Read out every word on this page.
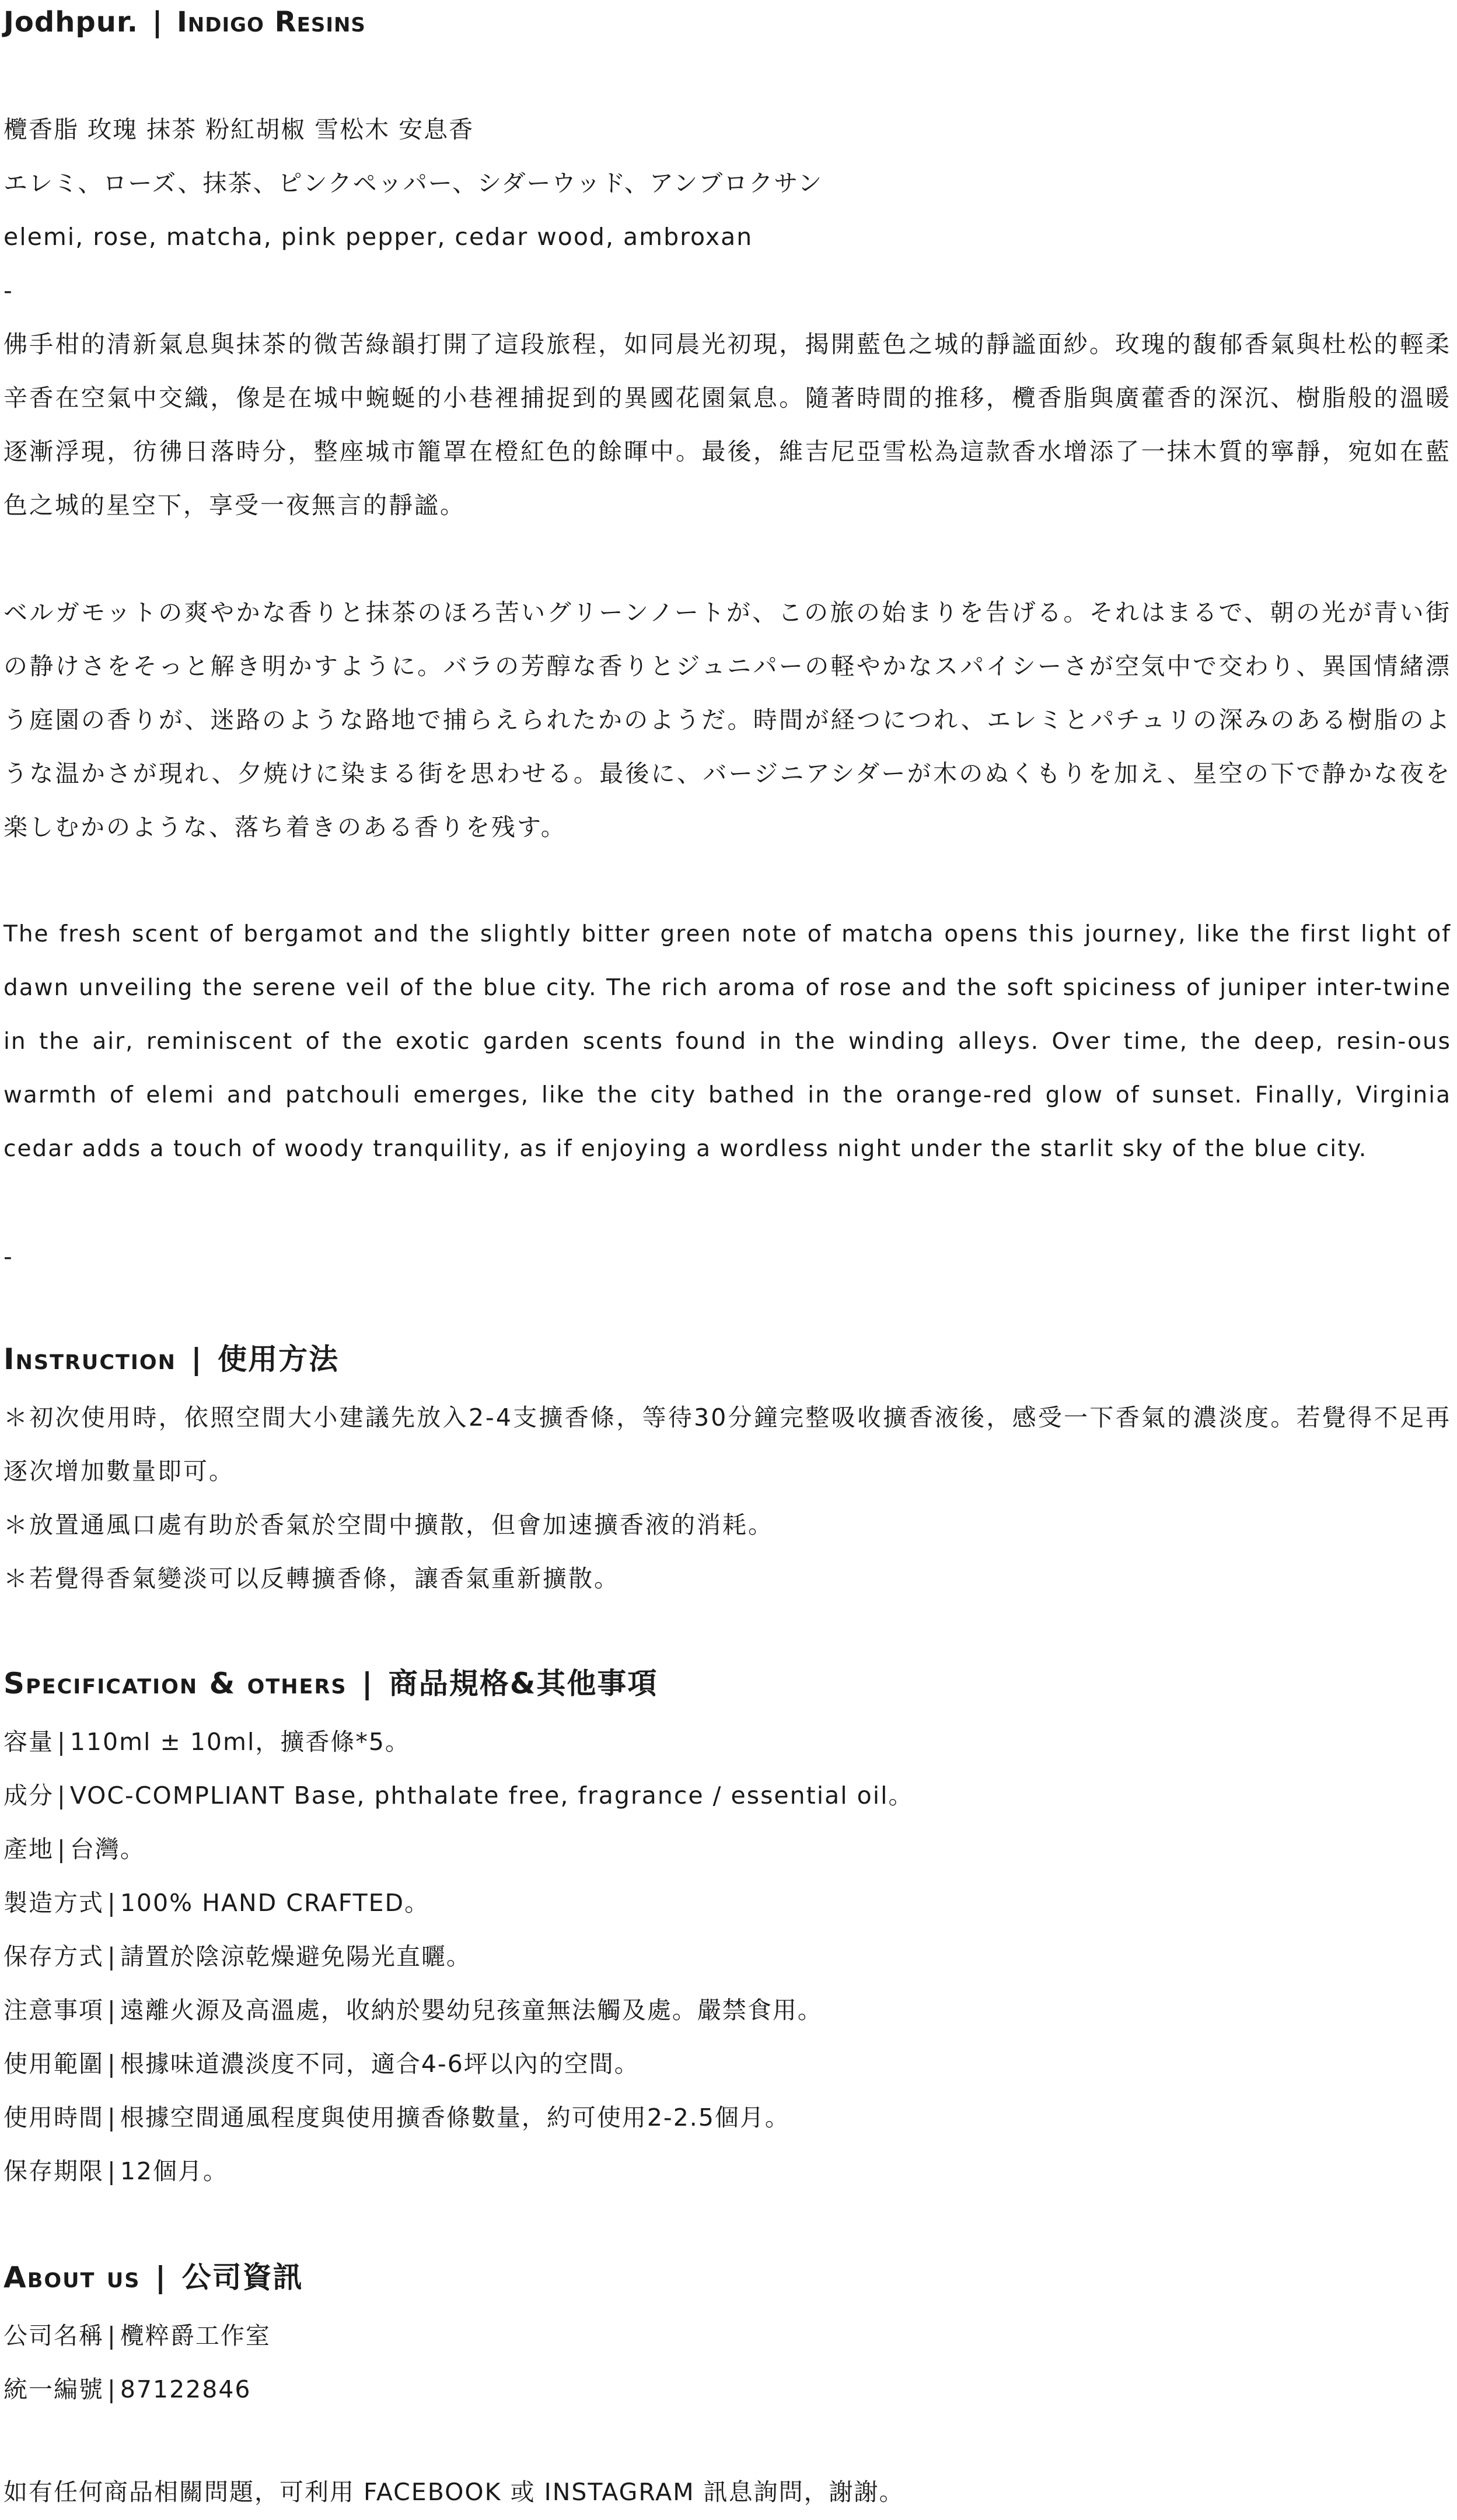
Jodhpur. | Indigo Resins
欖香脂 玫瑰 抹茶 粉紅胡椒 雪松木 安息香
エレミ、ローズ、抹茶、ピンクペッパー、シダーウッド、アンブロクサン
elemi, rose, matcha, pink pepper, cedar wood, ambroxan
-
佛手柑的清新氣息與抹茶的微苦綠韻打開了這段旅程，如同晨光初現，揭開藍色之城的靜謐面紗。玫瑰的馥郁香氣與杜松的輕柔辛香在空氣中交織，像是在城中蜿蜒的小巷裡捕捉到的異國花園氣息。隨著時間的推移，欖香脂與廣藿香的深沉、樹脂般的溫暖逐漸浮現，彷彿日落時分，整座城市籠罩在橙紅色的餘暉中。最後，維吉尼亞雪松為這款香水增添了一抹木質的寧靜，宛如在藍色之城的星空下，享受一夜無言的靜謐。
ベルガモットの爽やかな香りと抹茶のほろ苦いグリーンノートが、この旅の始まりを告げる。それはまるで、朝の光が青い街の静けさをそっと解き明かすように。バラの芳醇な香りとジュニパーの軽やかなスパイシーさが空気中で交わり、異国情緒漂う庭園の香りが、迷路のような路地で捕らえられたかのようだ。時間が経つにつれ、エレミとパチュリの深みのある樹脂のような温かさが現れ、夕焼けに染まる街を思わせる。最後に、バージニアシダーが木のぬくもりを加え、星空の下で静かな夜を楽しむかのような、落ち着きのある香りを残す。
The fresh scent of bergamot and the slightly bitter green note of matcha opens this journey, like the first light of dawn unveiling the serene veil of the blue city. The rich aroma of rose and the soft spiciness of juniper inter-twine in the air, reminiscent of the exotic garden scents found in the winding alleys. Over time, the deep, resin-ous warmth of elemi and patchouli emerges, like the city bathed in the orange-red glow of sunset. Finally, Virginia cedar adds a touch of woody tranquility, as if enjoying a wordless night under the starlit sky of the blue city.
-
Instruction | 使用方法
＊初次使用時，依照空間大小建議先放入2-4支擴香條，等待30分鐘完整吸收擴香液後，感受一下香氣的濃淡度。若覺得不足再逐次增加數量即可。
＊放置通風口處有助於香氣於空間中擴散，但會加速擴香液的消耗。
＊若覺得香氣變淡可以反轉擴香條，讓香氣重新擴散。
Specification & others | 商品規格&其他事項
容量 | 110ml ± 10ml，擴香條*5。
成分 | VOC-COMPLIANT Base, phthalate free, fragrance / essential oil。
產地 | 台灣。
製造方式 | 100% HAND CRAFTED。
保存方式 | 請置於陰涼乾燥避免陽光直曬。
注意事項 | 遠離火源及高溫處，收納於嬰幼兒孩童無法觸及處。嚴禁食用。
使用範圍 | 根據味道濃淡度不同，適合4-6坪以內的空間。
使用時間 | 根據空間通風程度與使用擴香條數量，約可使用2-2.5個月。
保存期限 | 12個月。
About us | 公司資訊
公司名稱 | 欖粹爵工作室
統一編號 | 87122846
如有任何商品相關問題，可利用 FACEBOOK 或 INSTAGRAM 訊息詢問，謝謝。
